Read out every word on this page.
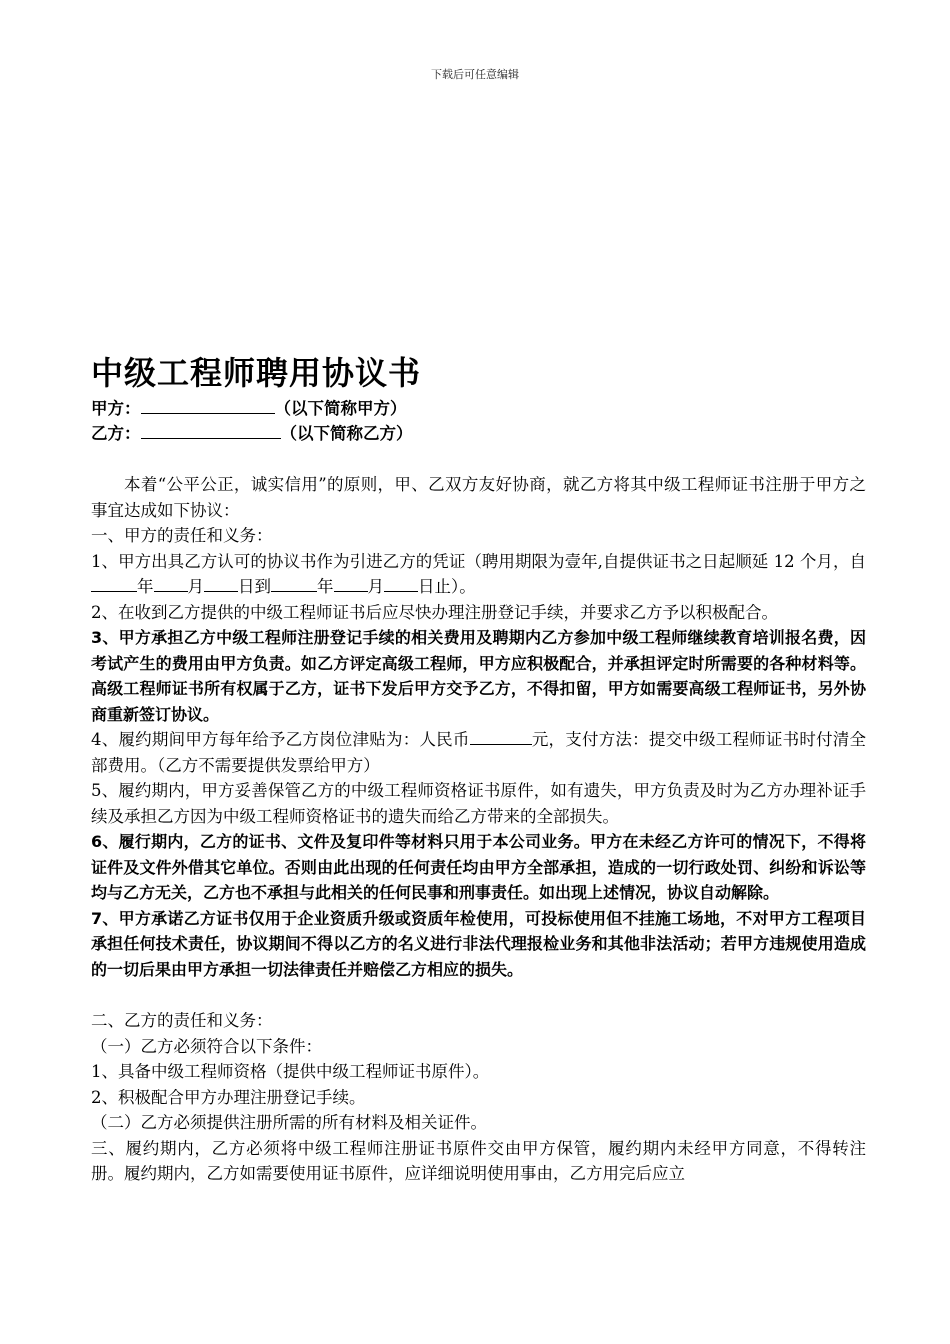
下载后可任意编辑
中级工程师聘用协议书
甲方：	（以下简称甲方）
乙方：	（以下简称乙方）

本着“公平公正，诚实信用”的原则，甲、乙双方友好协商，就乙方将其中级工程师证书注册于甲方之事宜达成如下协议：

一、甲方的责任和义务：

1、甲方出具乙方认可的协议书作为引进乙方的凭证（聘用期限为壹年,自提供证书之日起顺延 12 个月，自年 月 日到	年 月 日止）。

2、在收到乙方提供的中级工程师证书后应尽快办理注册登记手续，并要求乙方予以积极配合。

3、甲方承担乙方中级工程师注册登记手续的相关费用及聘期内乙方参加中级工程师继续教育培训报名费，因考试产生的费用由甲方负责。如乙方评定高级工程师，甲方应积极配合，并承担评定时所需要的各种材料等。高级工程师证书所有权属于乙方，证书下发后甲方交予乙方，不得扣留，甲方如需要高级工程师证书，另外协商重新签订协议。

4、履约期间甲方每年给予乙方岗位津贴为：人民币	元，支付方法：提交中级工程师证书时付清全部费用。（乙方不需要提供发票给甲方）

5、履约期内，甲方妥善保管乙方的中级工程师资格证书原件，如有遗失，甲方负责及时为乙方办理补证手续及承担乙方因为中级工程师资格证书的遗失而给乙方带来的全部损失。

6、履行期内，乙方的证书、文件及复印件等材料只用于本公司业务。甲方在未经乙方许可的情况下，不得将证件及文件外借其它单位。否则由此出现的任何责任均由甲方全部承担，造成的一切行政处罚、纠纷和诉讼等均与乙方无关，乙方也不承担与此相关的任何民事和刑事责任。如出现上述情况，协议自动解除。

7、甲方承诺乙方证书仅用于企业资质升级或资质年检使用，可投标使用但不挂施工场地，不对甲方工程项目承担任何技术责任，协议期间不得以乙方的名义进行非法代理报检业务和其他非法活动；若甲方违规使用造成的一切后果由甲方承担一切法律责任并赔偿乙方相应的损失。

二、乙方的责任和义务：

（一）乙方必须符合以下条件：

1、具备中级工程师资格（提供中级工程师证书原件）。

2、积极配合甲方办理注册登记手续。

（二）乙方必须提供注册所需的所有材料及相关证件。

三、履约期内，乙方必须将中级工程师注册证书原件交由甲方保管，履约期内未经甲方同意，不得转注册。履约期内，乙方如需要使用证书原件，应详细说明使用事由，乙方用完后应立
